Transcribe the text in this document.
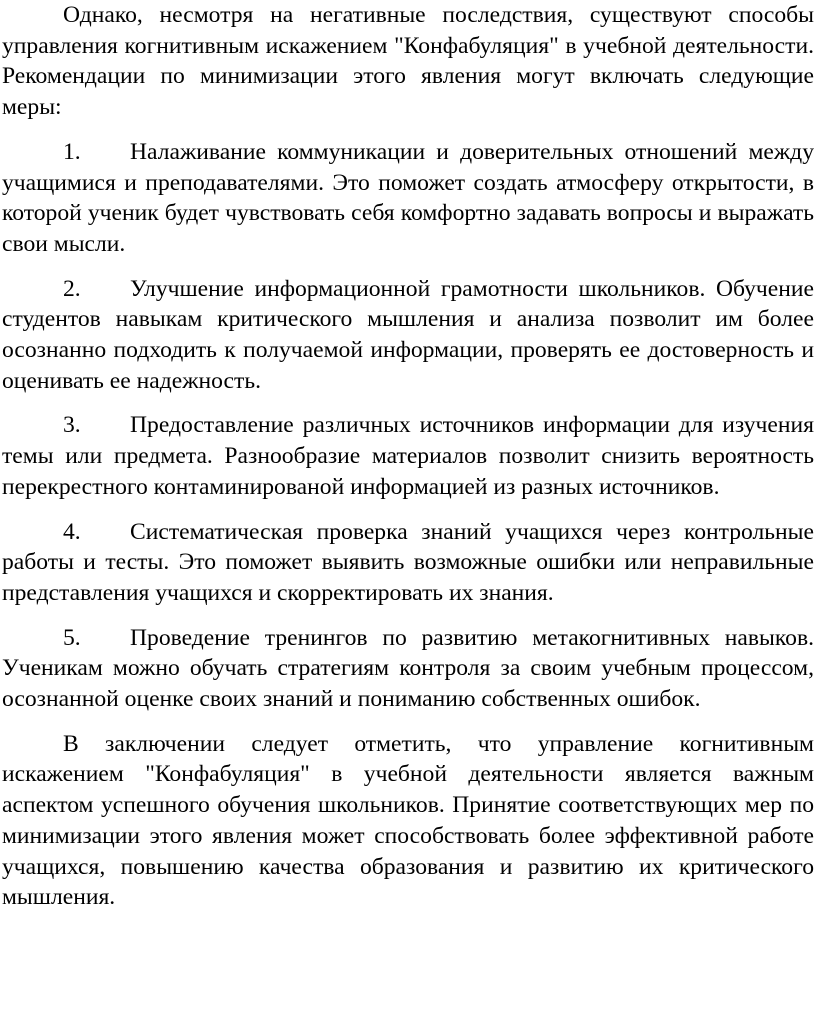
Однако, несмотря на негативные последствия, существуют способы управления когнитивным искажением "Конфабуляция" в учебной деятельности. Рекомендации по минимизации этого явления могут включать следующие меры:

1. Налаживание коммуникации и доверительных отношений между учащимися и преподавателями. Это поможет создать атмосферу открытости, в которой ученик будет чувствовать себя комфортно задавать вопросы и выражать свои мысли.

2. Улучшение информационной грамотности школьников. Обучение студентов навыкам критического мышления и анализа позволит им более осознанно подходить к получаемой информации, проверять ее достоверность и оценивать ее надежность.

3. Предоставление различных источников информации для изучения темы или предмета. Разнообразие материалов позволит снизить вероятность перекрестного контаминированой информацией из разных источников.

4. Систематическая проверка знаний учащихся через контрольные работы и тесты. Это поможет выявить возможные ошибки или неправильные представления учащихся и скорректировать их знания.

5. Проведение тренингов по развитию метакогнитивных навыков. Ученикам можно обучать стратегиям контроля за своим учебным процессом, осознанной оценке своих знаний и пониманию собственных ошибок.

В заключении следует отметить, что управление когнитивным искажением "Конфабуляция" в учебной деятельности является важным аспектом успешного обучения школьников. Принятие соответствующих мер по минимизации этого явления может способствовать более эффективной работе учащихся, повышению качества образования и развитию их критического мышления.
